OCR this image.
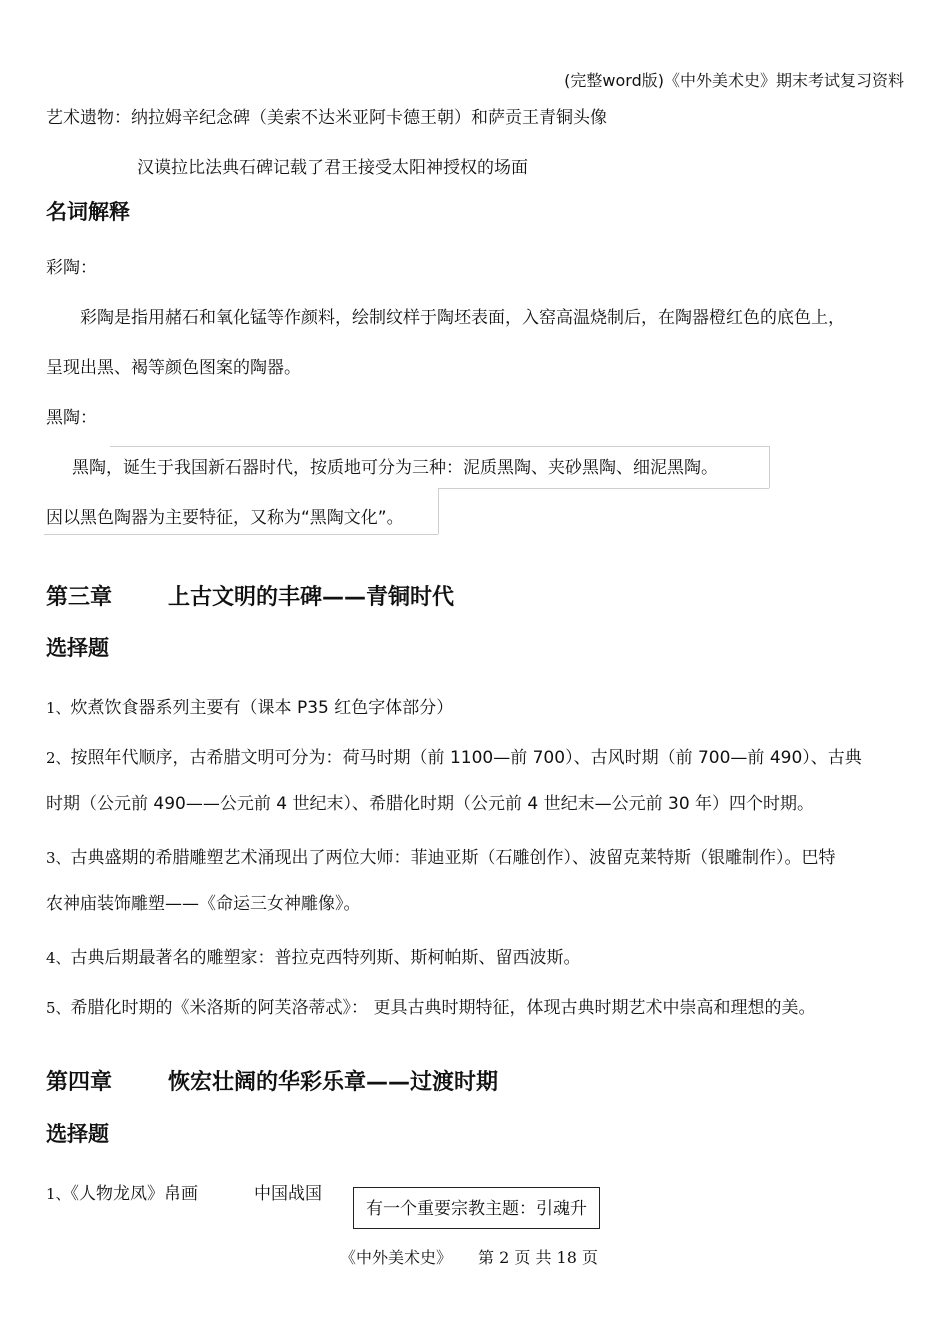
(完整word版)《中外美术史》期末考试复习资料
艺术遗物：纳拉姆辛纪念碑（美索不达米亚阿卡德王朝）和萨贡王青铜头像
汉谟拉比法典石碑记载了君王接受太阳神授权的场面
名词解释
彩陶：
彩陶是指用赭石和氧化锰等作颜料，绘制纹样于陶坯表面，入窑高温烧制后，在陶器橙红色的底色上，
呈现出黑、褐等颜色图案的陶器。
黑陶：
黑陶，诞生于我国新石器时代，按质地可分为三种：泥质黑陶、夹砂黑陶、细泥黑陶。
因以黑色陶器为主要特征，又称为“黑陶文化”。
第三章	上古文明的丰碑——青铜时代
选择题
1、炊煮饮食器系列主要有（课本 P35 红色字体部分）
2、按照年代顺序，古希腊文明可分为：荷马时期（前 1100—前 700）、古风时期（前 700—前 490）、古典
时期（公元前 490——公元前 4 世纪末）、希腊化时期（公元前 4 世纪末—公元前 30 年）四个时期。
3、古典盛期的希腊雕塑艺术涌现出了两位大师：菲迪亚斯（石雕创作）、波留克莱特斯（银雕制作）。巴特
农神庙装饰雕塑——《命运三女神雕像》。
4、古典后期最著名的雕塑家：普拉克西特列斯、斯柯帕斯、留西波斯。
5、希腊化时期的《米洛斯的阿芙洛蒂忒》： 更具古典时期特征，体现古典时期艺术中崇高和理想的美。
第四章	恢宏壮阔的华彩乐章——过渡时期
选择题
1、《人物龙凤》帛画	中国战国
有一个重要宗教主题：引魂升
《中外美术史》 第 2 页 共 18 页
